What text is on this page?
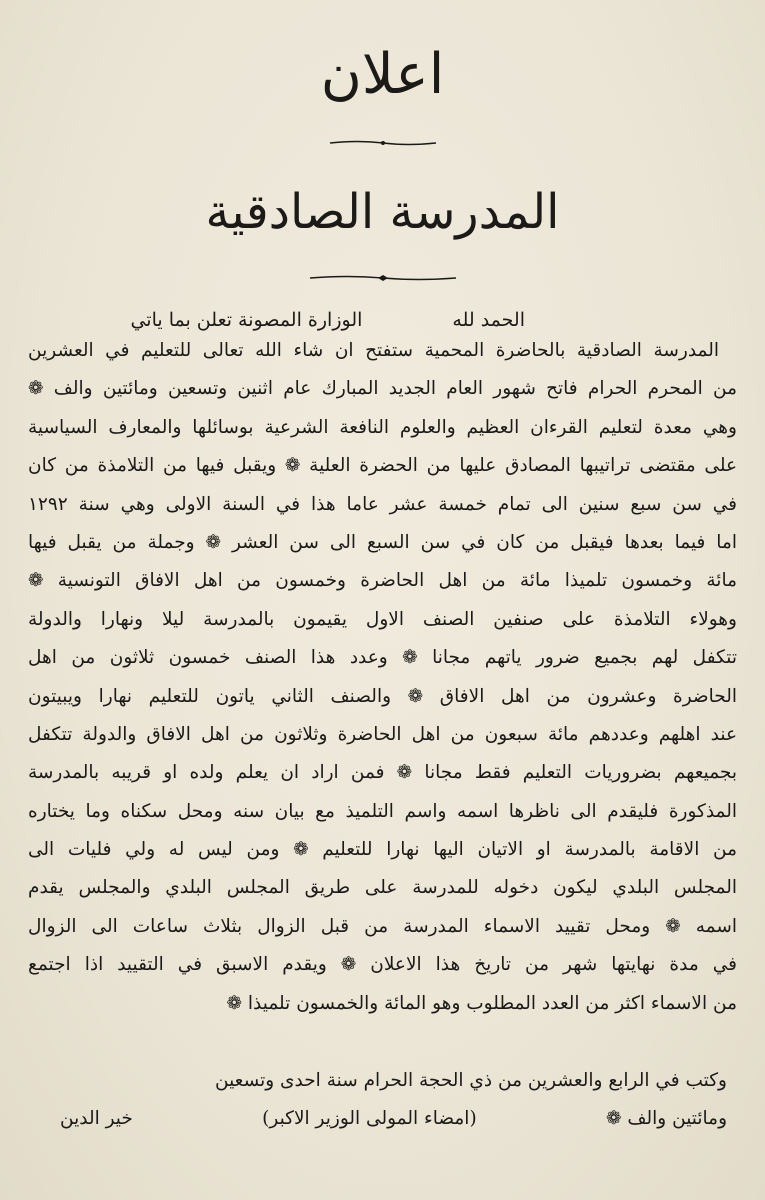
اعلان
المدرسة الصادقية
الحمد لله
الوزارة المصونة تعلن بما ياتي
المدرسة الصادقية بالحاضرة المحمية ستفتح ان شاء الله تعالى للتعليم في العشرين
من المحرم الحرام فاتح شهور العام الجديد المبارك عام اثنين وتسعين ومائتين والف ❁
وهي معدة لتعليم القرءان العظيم والعلوم النافعة الشرعية بوسائلها والمعارف السياسية
على مقتضى تراتيبها المصادق عليها من الحضرة العلية ❁ ويقبل فيها من التلامذة من كان
في سن سبع سنين الى تمام خمسة عشر عاما هذا في السنة الاولى وهي سنة ١٢٩٢
اما فيما بعدها فيقبل من كان في سن السبع الى سن العشر ❁ وجملة من يقبل فيها
مائة وخمسون تلميذا مائة من اهل الحاضرة وخمسون من اهل الافاق التونسية ❁
وهولاء التلامذة على صنفين الصنف الاول يقيمون بالمدرسة ليلا ونهارا والدولة
تتكفل لهم بجميع ضرور ياتهم مجانا ❁ وعدد هذا الصنف خمسون ثلاثون من اهل
الحاضرة وعشرون من اهل الافاق ❁ والصنف الثاني ياتون للتعليم نهارا ويبيتون
عند اهلهم وعددهم مائة سبعون من اهل الحاضرة وثلاثون من اهل الافاق والدولة تتكفل
بجميعهم بضروريات التعليم فقط مجانا ❁ فمن اراد ان يعلم ولده او قريبه بالمدرسة
المذكورة فليقدم الى ناظرها اسمه واسم التلميذ مع بيان سنه ومحل سكناه وما يختاره
من الاقامة بالمدرسة او الاتيان اليها نهارا للتعليم ❁ ومن ليس له ولي فليات الى
المجلس البلدي ليكون دخوله للمدرسة على طريق المجلس البلدي والمجلس يقدم
اسمه ❁ ومحل تقييد الاسماء المدرسة من قبل الزوال بثلاث ساعات الى الزوال
في مدة نهايتها شهر من تاريخ هذا الاعلان ❁ ويقدم الاسبق في التقييد اذا اجتمع
من الاسماء اكثر من العدد المطلوب وهو المائة والخمسون تلميذا ❁
وكتب في الرابع والعشرين من ذي الحجة الحرام سنة احدى وتسعين
ومائتين والف ❁
(امضاء المولى الوزير الاكبر)
خير الدين
